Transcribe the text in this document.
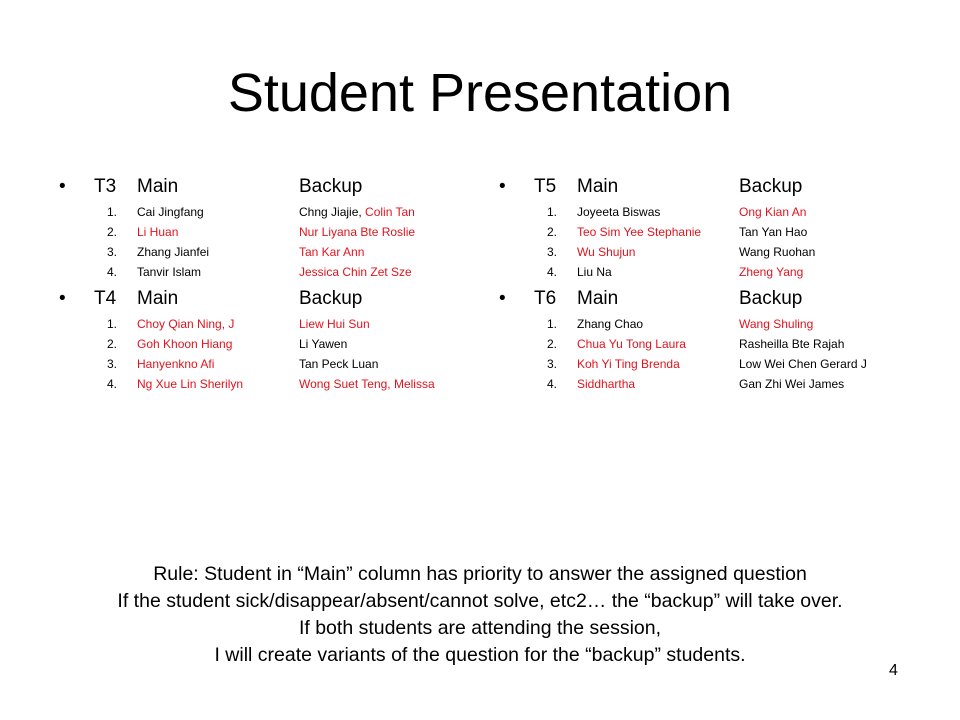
Student Presentation
• T3 Main	Backup
1.	Cai Jingfang	Chng Jiajie, Colin Tan
2.	Li Huan	Nur Liyana Bte Roslie
3.	Zhang Jianfei	Tan Kar Ann
4.	Tanvir Islam	Jessica Chin Zet Sze
• T4 Main	Backup
1.	Choy Qian Ning, J	Liew Hui Sun
2.	Goh Khoon Hiang	Li Yawen
3.	Hanyenkno Afi	Tan Peck Luan
4.	Ng Xue Lin Sherilyn	Wong Suet Teng, Melissa
• T5 Main	Backup
1.	Joyeeta Biswas	Ong Kian An
2.	Teo Sim Yee Stephanie	Tan Yan Hao
3.	Wu Shujun	Wang Ruohan
4.	Liu Na	Zheng Yang
• T6 Main	Backup
1.	Zhang Chao	Wang Shuling
2.	Chua Yu Tong Laura	Rasheilla Bte Rajah
3.	Koh Yi Ting Brenda	Low Wei Chen Gerard J
4.	Siddhartha	Gan Zhi Wei James
Rule: Student in “Main” column has priority to answer the assigned question
If the student sick/disappear/absent/cannot solve, etc2… the “backup” will take over.
If both students are attending the session,
I will create variants of the question for the “backup” students.
4
